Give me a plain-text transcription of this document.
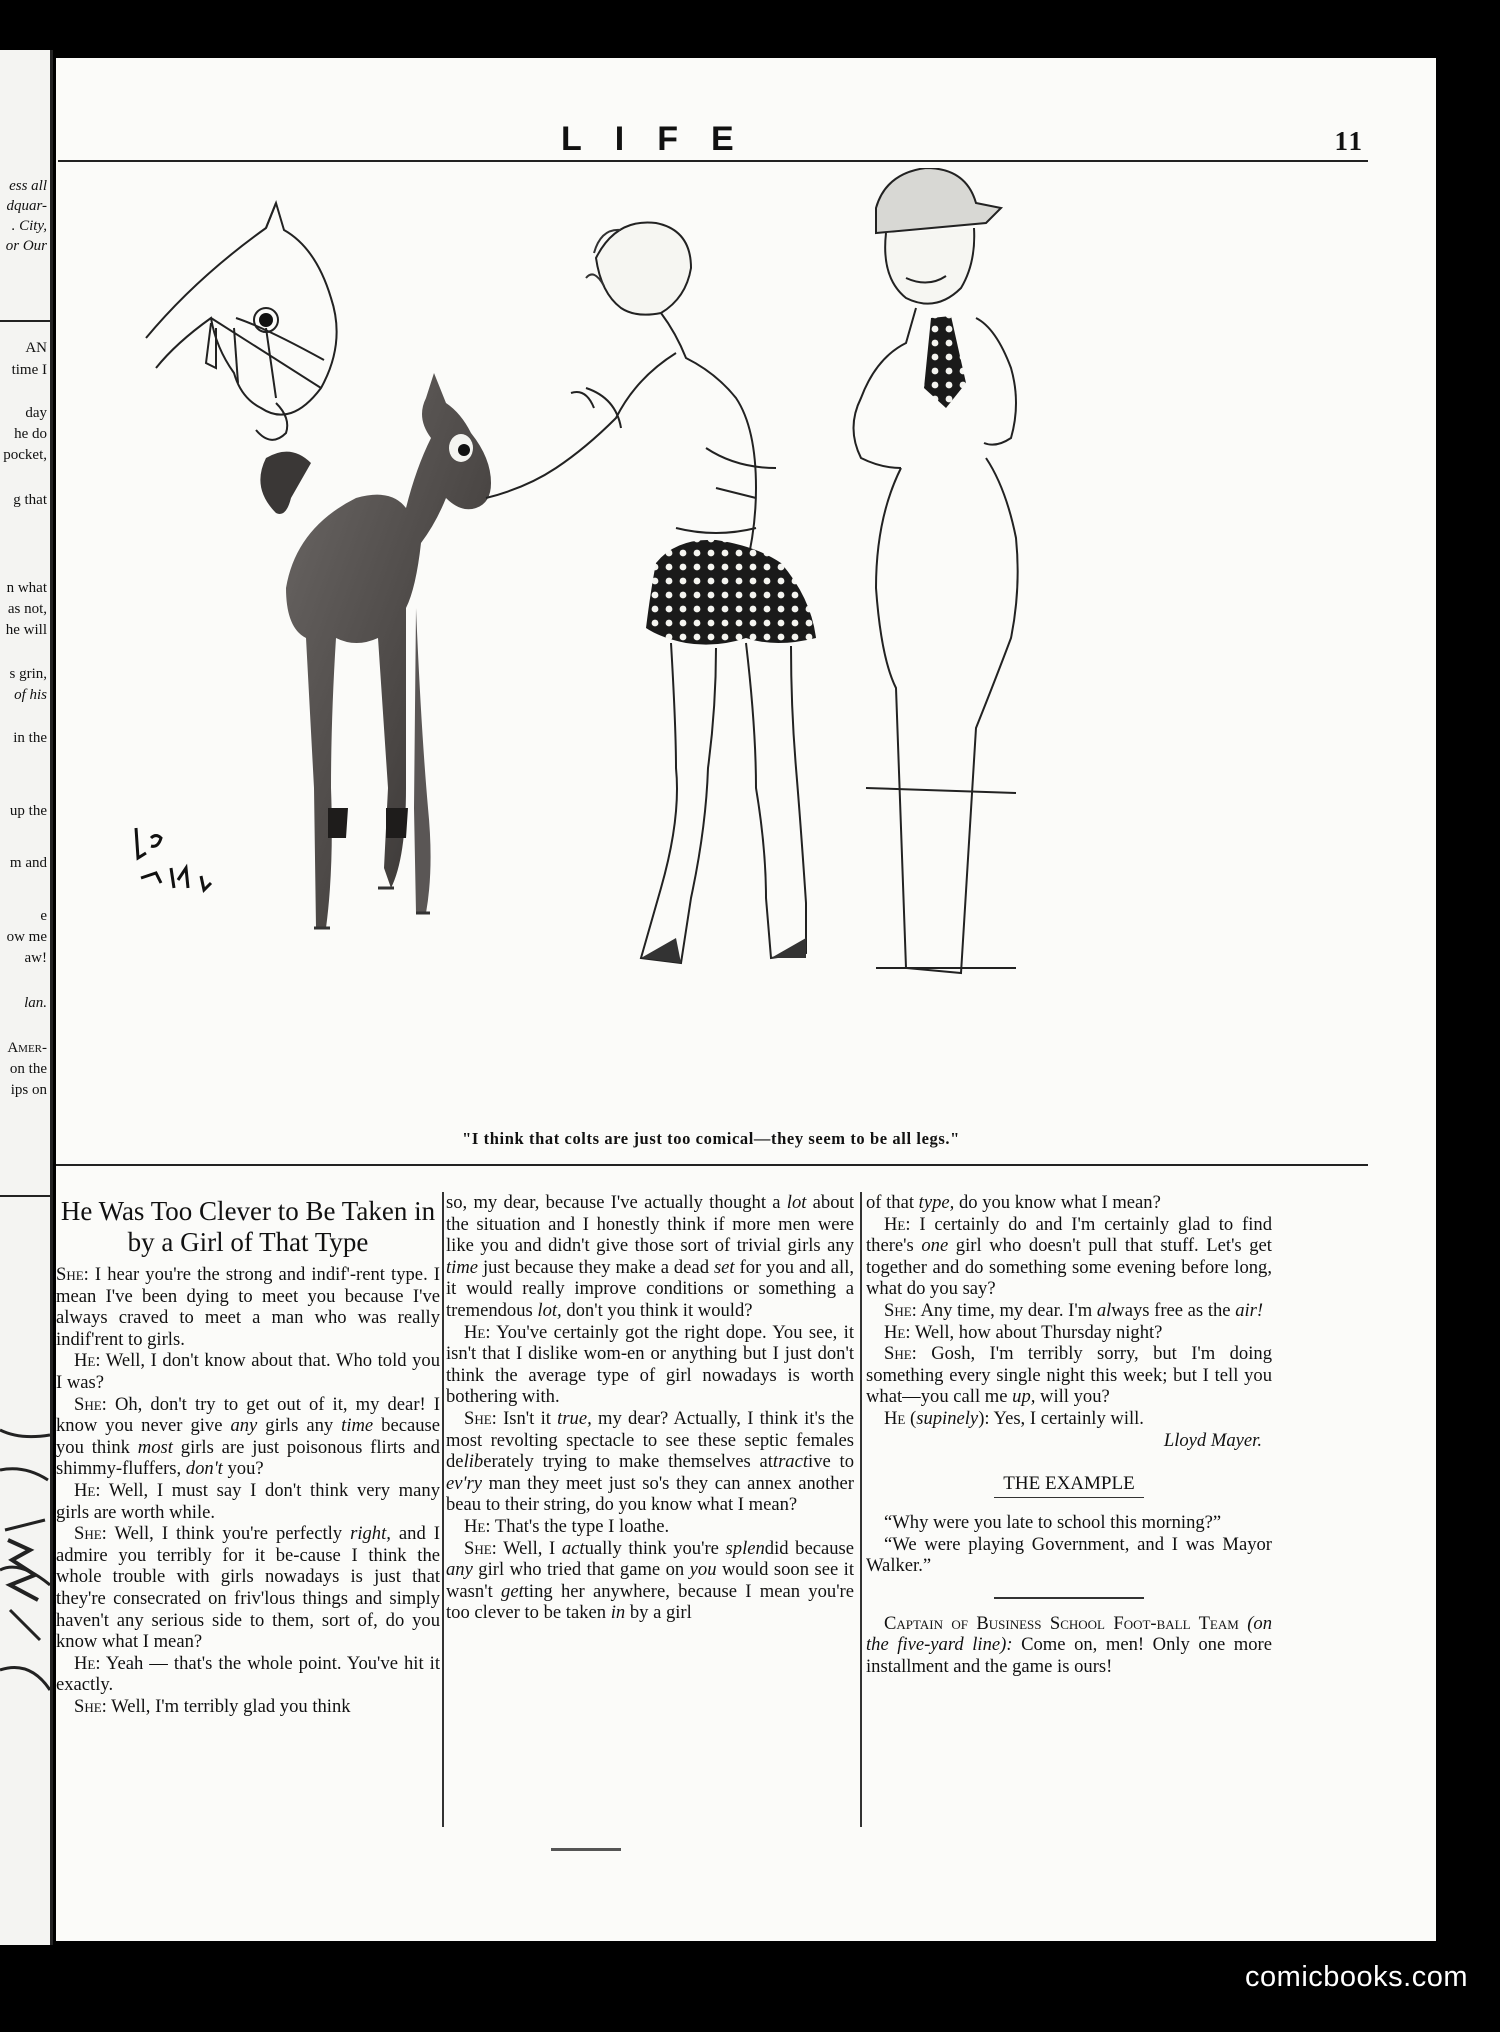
ess all
dquar-
. City,
or Our
AN
time I
day
he do
pocket,
g that
n what
as not,
he will
s grin,
of his
in the
up the
m and
e
ow me
aw!
lan.
Amer-
on the
ips on
LIFE	11
"I think that colts are just too comical—they seem to be all legs."
He Was Too Clever to Be Taken in by a Girl of That Type

She: I hear you're the strong and indif'-rent type. I mean I've been dying to meet you because I've always craved to meet a man who was really indif'rent to girls.

He: Well, I don't know about that. Who told you I was?

She: Oh, don't try to get out of it, my dear! I know you never give any girls any time because you think most girls are just poisonous flirts and shimmy-fluffers, don't you?

He: Well, I must say I don't think very many girls are worth while.

She: Well, I think you're perfectly right, and I admire you terribly for it be-cause I think the whole trouble with girls nowadays is just that they're consecrated on friv'lous things and simply haven't any serious side to them, sort of, do you know what I mean?

He: Yeah — that's the whole point. You've hit it exactly.

She: Well, I'm terribly glad you think

so, my dear, because I've actually thought a lot about the situation and I honestly think if more men were like you and didn't give those sort of trivial girls any time just because they make a dead set for you and all, it would really improve conditions or something a tremendous lot, don't you think it would?

He: You've certainly got the right dope. You see, it isn't that I dislike wom-en or anything but I just don't think the average type of girl nowadays is worth bothering with.

She: Isn't it true, my dear? Actually, I think it's the most revolting spectacle to see these septic females deliberately trying to make themselves attractive to ev'ry man they meet just so's they can annex another beau to their string, do you know what I mean?

He: That's the type I loathe.

She: Well, I actually think you're splendid because any girl who tried that game on you would soon see it wasn't getting her anywhere, because I mean you're too clever to be taken in by a girl

of that type, do you know what I mean?

He: I certainly do and I'm certainly glad to find there's one girl who doesn't pull that stuff. Let's get together and do something some evening before long, what do you say?

She: Any time, my dear. I'm always free as the air!

He: Well, how about Thursday night?

She: Gosh, I'm terribly sorry, but I'm doing something every single night this week; but I tell you what—you call me up, will you?

He (supinely): Yes, I certainly will.

Lloyd Mayer.
THE EXAMPLE

“Why were you late to school this morning?”

“We were playing Government, and I was Mayor Walker.”

Captain of Business School Foot-ball Team (on the five-yard line): Come on, men! Only one more installment and the game is ours!

comicbooks.com
